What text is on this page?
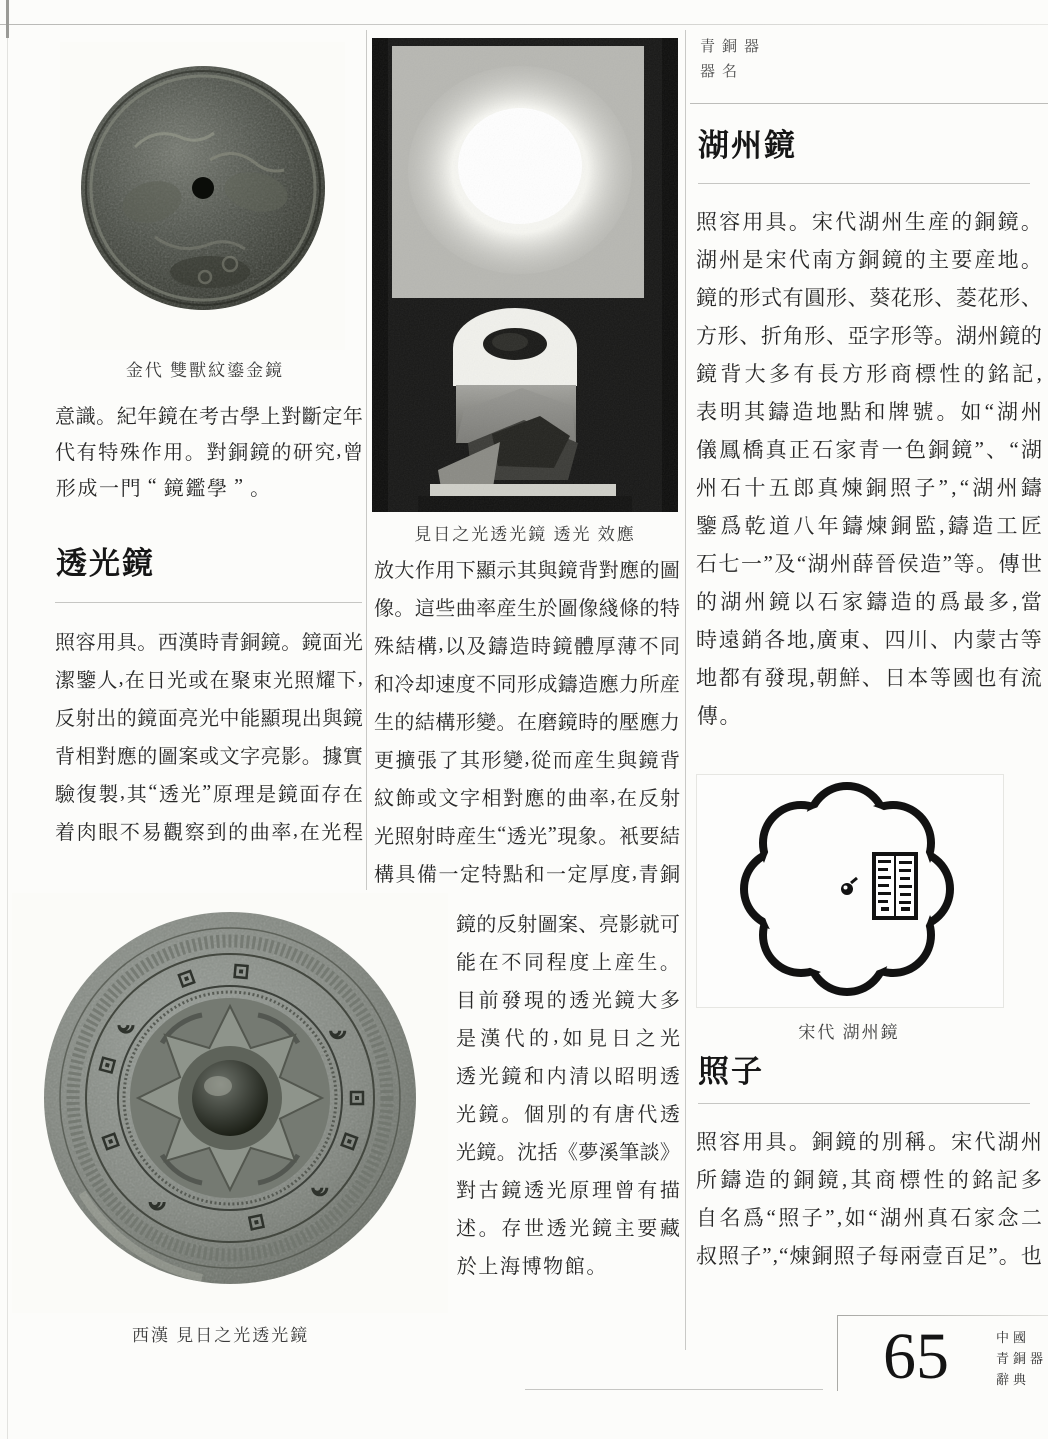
金代 雙獸紋鎏金鏡
意 識 。 紀 年 鏡 在 考 古 學 上 對 斷 定 年
代 有 特 殊 作 用 。 對 銅 鏡 的 研 究 , 曾
形 成 一 門 “ 鏡 鑑 學 ” 。
透光鏡
照 容 用 具 。 西 漢 時 青 銅 鏡 。 鏡 面 光
潔 鑒 人 , 在 日 光 或 在 聚 束 光 照 耀 下 ,
反 射 出 的 鏡 面 亮 光 中 能 顯 現 出 與 鏡
背 相 對 應 的 圖 案 或 文 字 亮 影 。 據 實
驗 復 製 , 其 “ 透 光 ” 原 理 是 鏡 面 存 在
着 肉 眼 不 易 觀 察 到 的 曲 率 , 在 光 程
西漢 見日之光透光鏡
見日之光透光鏡 透光 效應
放 大 作 用 下 顯 示 其 與 鏡 背 對 應 的 圖
像 。 這 些 曲 率 産 生 於 圖 像 綫 條 的 特
殊 結 構 , 以 及 鑄 造 時 鏡 體 厚 薄 不 同
和 冷 却 速 度 不 同 形 成 鑄 造 應 力 所 産
生 的 結 構 形 變 。 在 磨 鏡 時 的 壓 應 力
更 擴 張 了 其 形 變 , 從 而 産 生 與 鏡 背
紋 飾 或 文 字 相 對 應 的 曲 率 , 在 反 射
光 照 射 時 産 生 “ 透 光 ” 現 象 。 衹 要 結
構 具 備 一 定 特 點 和 一 定 厚 度 , 青 銅
鏡 的 反 射 圖 案 、 亮 影 就 可
能 在 不 同 程 度 上 産 生 。
目 前 發 現 的 透 光 鏡 大 多
是 漢 代 的 , 如 見 日 之 光
透 光 鏡 和 内 清 以 昭 明 透
光 鏡 。 個 別 的 有 唐 代 透
光 鏡 。 沈 括 《 夢 溪 筆 談 》
對 古 鏡 透 光 原 理 曾 有 描
述 。 存 世 透 光 鏡 主 要 藏
於 上 海 博 物 館 。
青銅器
器名
湖州鏡
照 容 用 具 。 宋 代 湖 州 生 産 的 銅 鏡 。
湖 州 是 宋 代 南 方 銅 鏡 的 主 要 産 地 。
鏡 的 形 式 有 圓 形 、 葵 花 形 、 菱 花 形 、
方 形 、 折 角 形 、 亞 字 形 等 。 湖 州 鏡 的
鏡 背 大 多 有 長 方 形 商 標 性 的 銘 記 ,
表 明 其 鑄 造 地 點 和 牌 號 。 如 “ 湖 州
儀 鳳 橋 真 正 石 家 青 一 色 銅 鏡 ” 、 “ 湖
州 石 十 五 郎 真 煉 銅 照 子 ” , “ 湖 州 鑄
鑒 爲 乾 道 八 年 鑄 煉 銅 監 , 鑄 造 工 匠
石 七 一 ” 及 “ 湖 州 薛 晉 侯 造 ” 等 。 傳 世
的 湖 州 鏡 以 石 家 鑄 造 的 爲 最 多 , 當
時 遠 銷 各 地 , 廣 東 、 四 川 、 内 蒙 古 等
地 都 有 發 現 , 朝 鮮 、 日 本 等 國 也 有 流
傳 。
宋代 湖州鏡
照子
照 容 用 具 。 銅 鏡 的 別 稱 。 宋 代 湖 州
所 鑄 造 的 銅 鏡 , 其 商 標 性 的 銘 記 多
自 名 爲 “ 照 子 ” , 如 “ 湖 州 真 石 家 念 二
叔 照 子 ” , “ 煉 銅 照 子 每 兩 壹 百 足 ” 。 也
65	中國
青銅器
辭典
